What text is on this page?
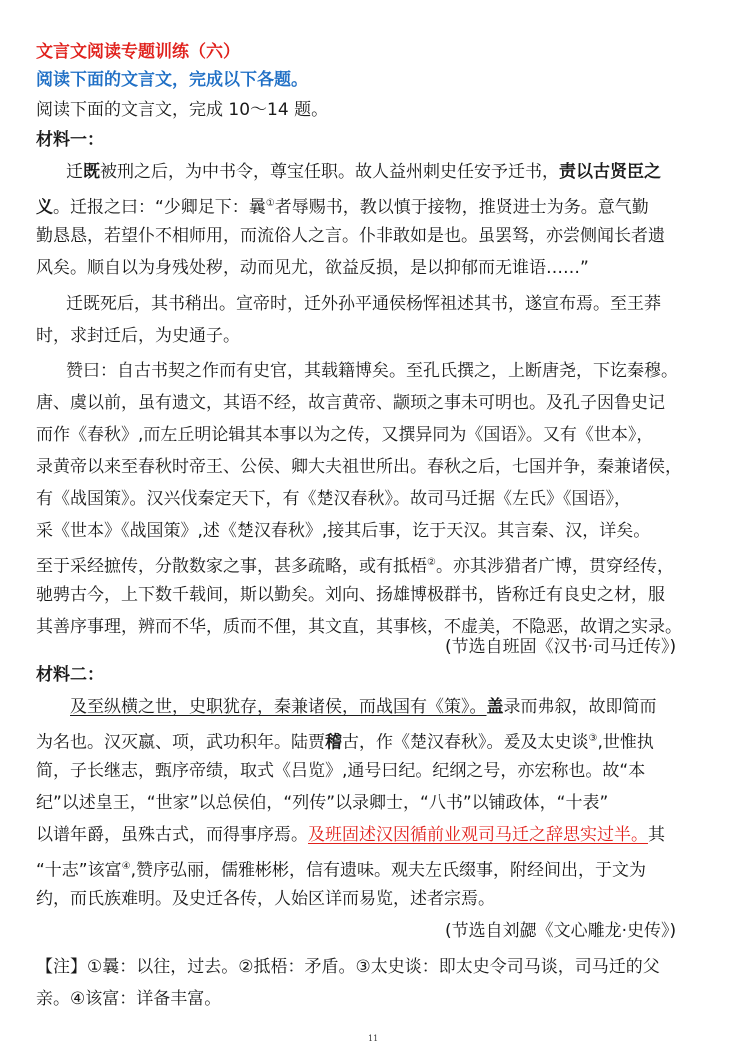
文言文阅读专题训练（六）
阅读下面的文言文，完成以下各题。
阅读下面的文言文，完成 10～14 题。
材料一：
迁既被刑之后，为中书令，尊宝任职。故人益州刺史任安予迁书，责以古贤臣之
义。迁报之曰：“少卿足下：曩①者辱赐书，教以慎于接物，推贤进士为务。意气勤
勤恳恳，若望仆不相师用，而流俗人之言。仆非敢如是也。虽罢驽，亦尝侧闻长者遗
风矣。顺自以为身残处秽，动而见尤，欲益反损，是以抑郁而无谁语……”
迁既死后，其书稍出。宣帝时，迁外孙平通侯杨恽祖述其书，遂宣布焉。至王莽
时，求封迁后，为史通子。
赞曰：自古书契之作而有史官，其载籍博矣。至孔氏撰之，上断唐尧，下讫秦穆。
唐、虞以前，虽有遗文，其语不经，故言黄帝、颛顼之事未可明也。及孔子因鲁史记
而作《春秋》,而左丘明论辑其本事以为之传，又撰异同为《国语》。又有《世本》，
录黄帝以来至春秋时帝王、公侯、卿大夫祖世所出。春秋之后，七国并争，秦兼诸侯，
有《战国策》。汉兴伐秦定天下，有《楚汉春秋》。故司马迁据《左氏》《国语》，
采《世本》《战国策》,述《楚汉春秋》,接其后事，讫于天汉。其言秦、汉，详矣。
至于采经摭传，分散数家之事，甚多疏略，或有抵梧②。亦其涉猎者广博，贯穿经传，
驰骋古今，上下数千载间，斯以勤矣。刘向、扬雄博极群书，皆称迁有良史之材，服
其善序事理，辨而不华，质而不俚，其文直，其事核，不虚美，不隐恶，故谓之实录。
(节选自班固《汉书·司马迁传》)
材料二：
及至纵横之世，史职犹存，秦兼诸侯，而战国有《策》。盖录而弗叙，故即简而
为名也。汉灭嬴、项，武功积年。陆贾稽古，作《楚汉春秋》。爰及太史谈③,世惟执
简，子长继志，甄序帝绩，取式《吕览》,通号曰纪。纪纲之号，亦宏称也。故“本
纪”以述皇王，“世家”以总侯伯，“列传”以录卿士，“八书”以铺政体，“十表”
以谱年爵，虽殊古式，而得事序焉。及班固述汉因循前业观司马迁之辞思实过半。其
“十志”该富④,赞序弘丽，儒雅彬彬，信有遗味。观夫左氏缀事，附经间出，于文为
约，而氏族难明。及史迁各传，人始区详而易览，述者宗焉。
(节选自刘勰《文心雕龙·史传》)
【注】①曩：以往，过去。②抵梧：矛盾。③太史谈：即太史令司马谈，司马迁的父
亲。④该富：详备丰富。
11
